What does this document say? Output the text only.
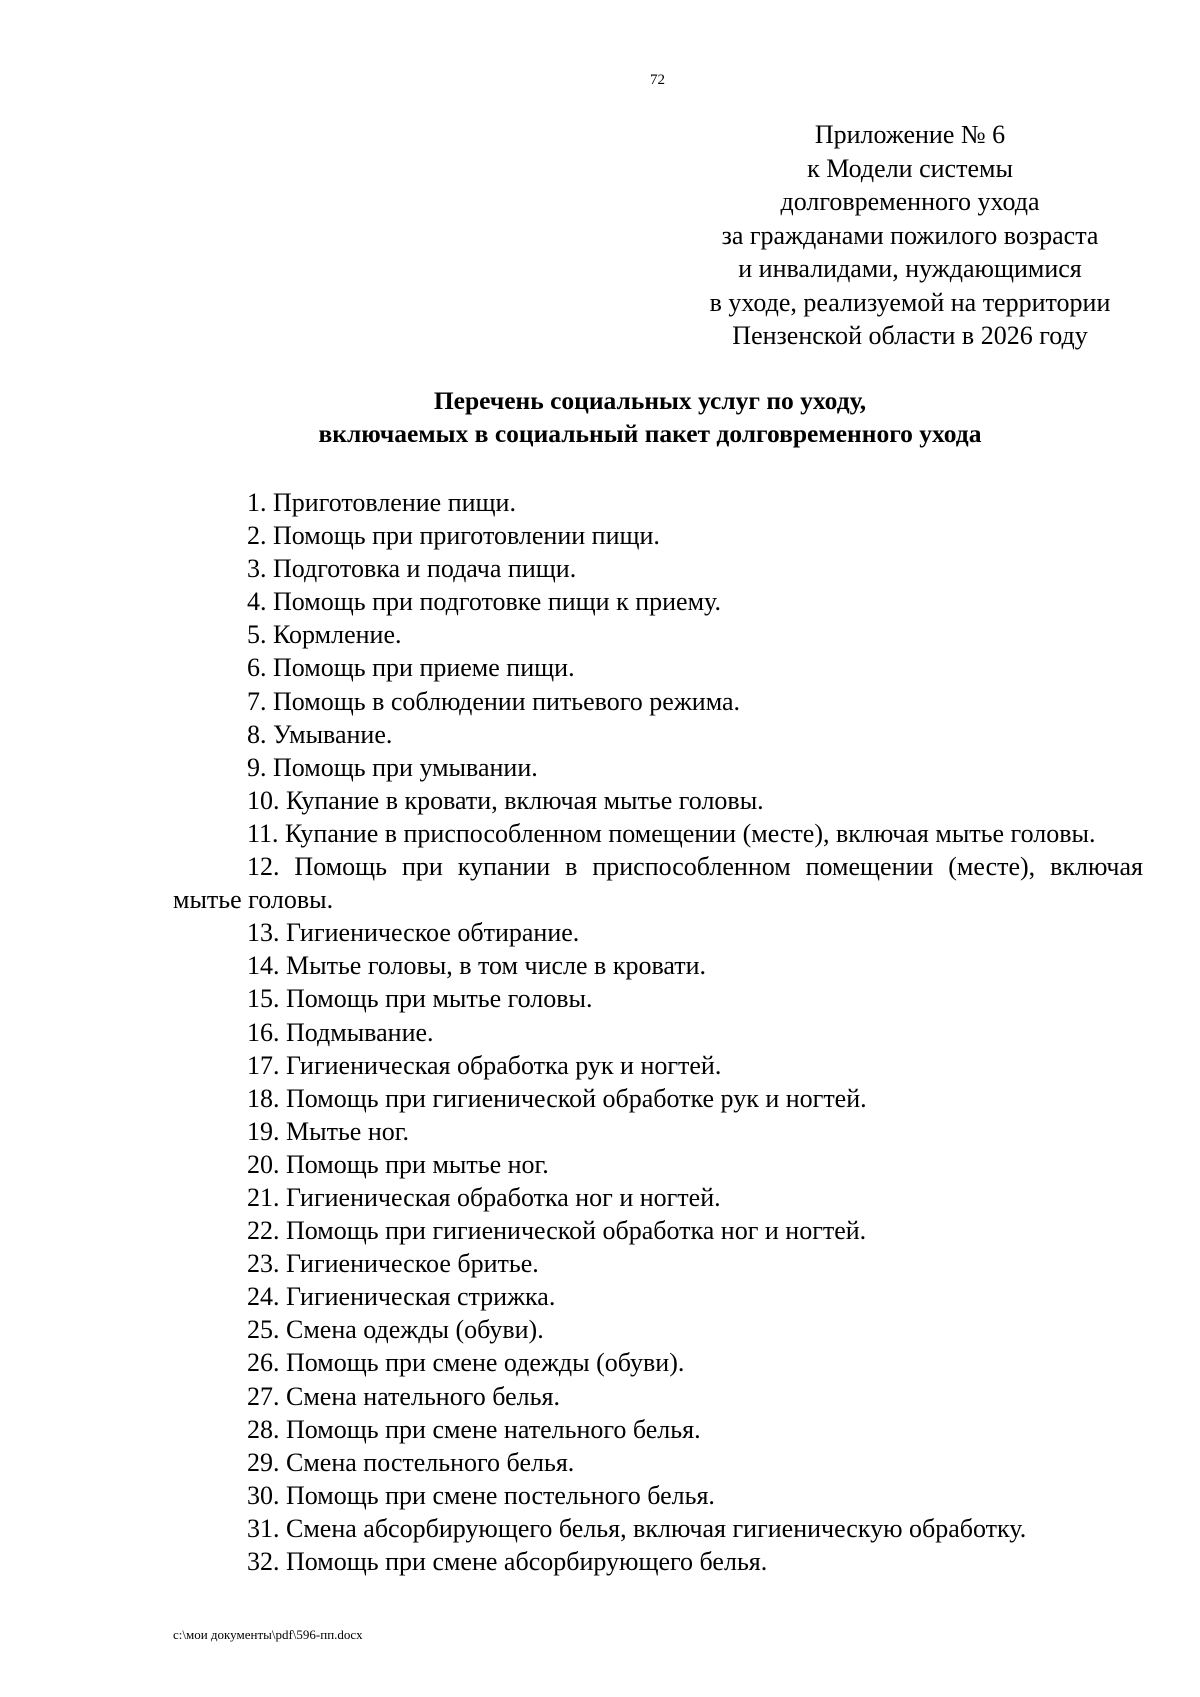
72
Приложение № 6
к Модели системы
долговременного ухода
за гражданами пожилого возраста
и инвалидами, нуждающимися
в уходе, реализуемой на территории
Пензенской области в 2026 году
Перечень социальных услуг по уходу,
включаемых в социальный пакет долговременного ухода
1. Приготовление пищи.
2. Помощь при приготовлении пищи.
3. Подготовка и подача пищи.
4. Помощь при подготовке пищи к приему.
5. Кормление.
6. Помощь при приеме пищи.
7. Помощь в соблюдении питьевого режима.
8. Умывание.
9. Помощь при умывании.
10. Купание в кровати, включая мытье головы.
11. Купание в приспособленном помещении (месте), включая мытье головы.
12. Помощь при купании в приспособленном помещении (месте), включая мытье головы.
13. Гигиеническое обтирание.
14. Мытье головы, в том числе в кровати.
15. Помощь при мытье головы.
16. Подмывание.
17. Гигиеническая обработка рук и ногтей.
18. Помощь при гигиенической обработке рук и ногтей.
19. Мытье ног.
20. Помощь при мытье ног.
21. Гигиеническая обработка ног и ногтей.
22. Помощь при гигиенической обработка ног и ногтей.
23. Гигиеническое бритье.
24. Гигиеническая стрижка.
25. Смена одежды (обуви).
26. Помощь при смене одежды (обуви).
27. Смена нательного белья.
28. Помощь при смене нательного белья.
29. Смена постельного белья.
30. Помощь при смене постельного белья.
31. Смена абсорбирующего белья, включая гигиеническую обработку.
32. Помощь при смене абсорбирующего белья.
c:\мои документы\pdf\596-пп.docx
